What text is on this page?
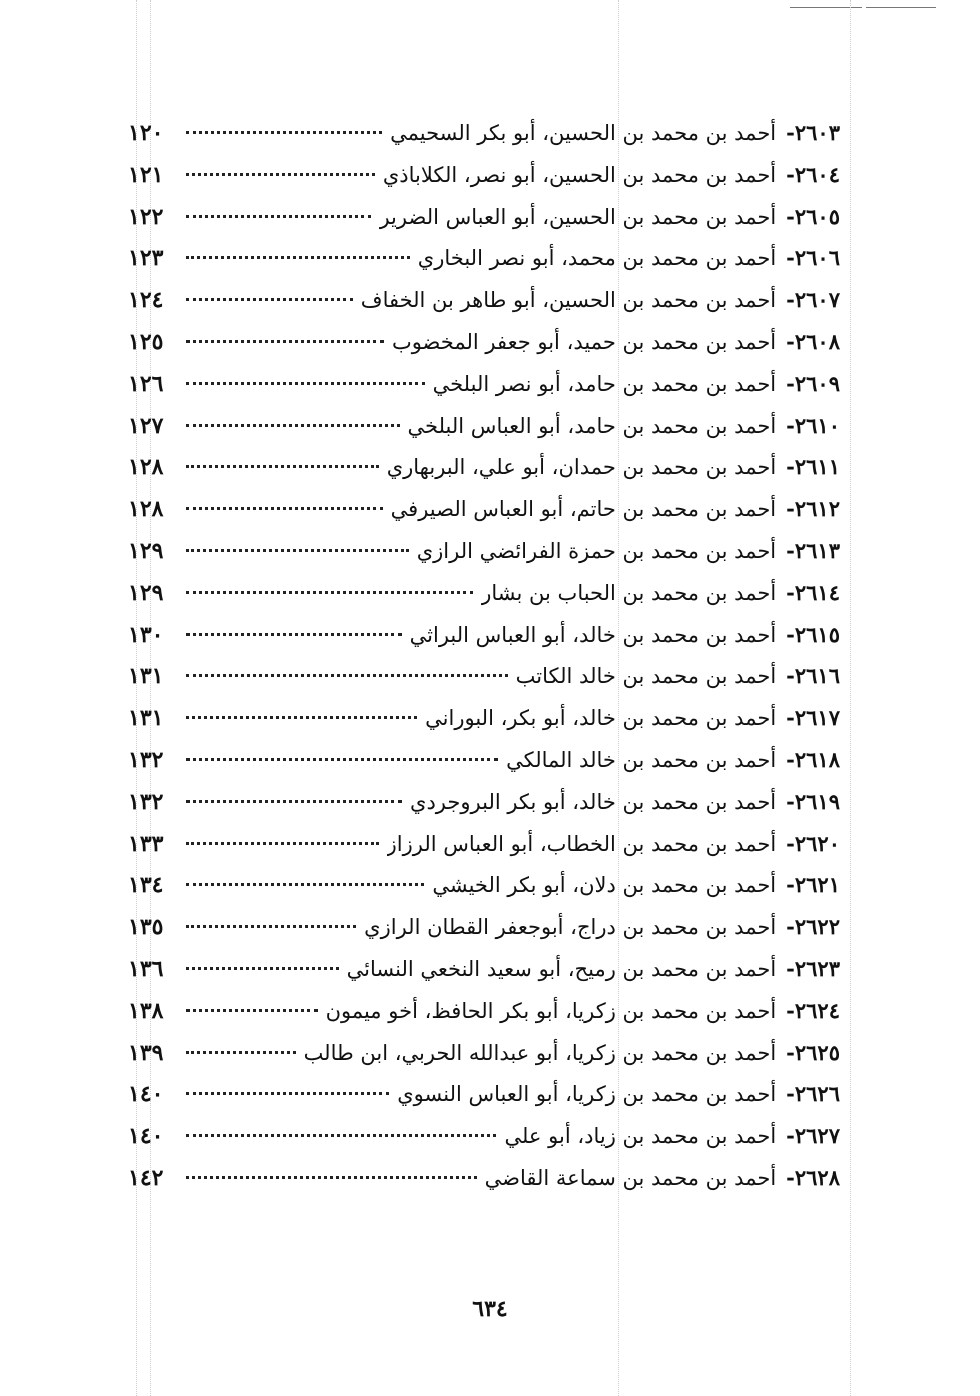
٢٦٠٣-
أحمد بن محمد بن الحسين، أبو بكر السحيمي
١٢٠
٢٦٠٤-
أحمد بن محمد بن الحسين، أبو نصر، الكلاباذي
١٢١
٢٦٠٥-
أحمد بن محمد بن الحسين، أبو العباس الضرير
١٢٢
٢٦٠٦-
أحمد بن محمد بن محمد، أبو نصر البخاري
١٢٣
٢٦٠٧-
أحمد بن محمد بن الحسين، أبو طاهر بن الخفاف
١٢٤
٢٦٠٨-
أحمد بن محمد بن حميد، أبو جعفر المخضوب
١٢٥
٢٦٠٩-
أحمد بن محمد بن حامد، أبو نصر البلخي
١٢٦
٢٦١٠-
أحمد بن محمد بن حامد، أبو العباس البلخي
١٢٧
٢٦١١-
أحمد بن محمد بن حمدان، أبو علي، البربهاري
١٢٨
٢٦١٢-
أحمد بن محمد بن حاتم، أبو العباس الصيرفي
١٢٨
٢٦١٣-
أحمد بن محمد بن حمزة الفرائضي الرازي
١٢٩
٢٦١٤-
أحمد بن محمد بن الحباب بن بشار
١٢٩
٢٦١٥-
أحمد بن محمد بن خالد، أبو العباس البراثي
١٣٠
٢٦١٦-
أحمد بن محمد بن خالد الكاتب
١٣١
٢٦١٧-
أحمد بن محمد بن خالد، أبو بكر، البوراني
١٣١
٢٦١٨-
أحمد بن محمد بن خالد المالكي
١٣٢
٢٦١٩-
أحمد بن محمد بن خالد، أبو بكر البروجردي
١٣٢
٢٦٢٠-
أحمد بن محمد بن الخطاب، أبو العباس الرزاز
١٣٣
٢٦٢١-
أحمد بن محمد بن دلان، أبو بكر الخيشي
١٣٤
٢٦٢٢-
أحمد بن محمد بن دراج، أبوجعفر القطان الرازي
١٣٥
٢٦٢٣-
أحمد بن محمد بن رميح، أبو سعيد النخعي النسائي
١٣٦
٢٦٢٤-
أحمد بن محمد بن زكريا، أبو بكر الحافظ، أخو ميمون
١٣٨
٢٦٢٥-
أحمد بن محمد بن زكريا، أبو عبدالله الحربي، ابن طالب
١٣٩
٢٦٢٦-
أحمد بن محمد بن زكريا، أبو العباس النسوي
١٤٠
٢٦٢٧-
أحمد بن محمد بن زياد، أبو علي
١٤٠
٢٦٢٨-
أحمد بن محمد بن سماعة القاضي
١٤٢
٦٣٤
